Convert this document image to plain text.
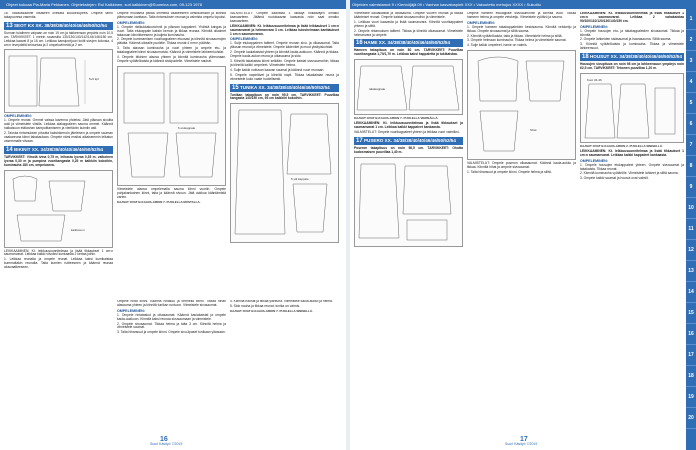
Ohjeet kokoaa Pia-Maria Pekkanen. Ohjetekstejen: Roi Kalkkinen, suri.kalkkinen@Suomina.com, 09-123 1978	Ohjeiden valmistamot 9 • Kiertoöjäjä 09 • Vanhan kasvatuspintt XXX • Vakuutettu mehujus XXXX • Sukutilu
1
2
3
4
5
6
7
8
9
10
11
12
13
14
15
16
17
18
19
20
16. Tikkaussäänne otsaseen ovesata kokoorsupeea. Ompele tärrin takapuoresa vasenäs.
13 SEOT KX XK. 38/38/38/40/40/46/46/50/52/54
Sunnan tulaiheen vaipaan oe noin 19 cm ja takkeensan ympäris noin 10,5 cm. TARVIKKEET: 1 metrin ruoansilla 130/130/140/142/144/146/150 cm. Leikkaa kaavat 8 ja 16 cm. Leikkaa kansiportjuuri kuitti sivujen kokosia, 4 cm:n leveydellä keinuntaa ja 2 ompeluvihreää ja 2 cm.
5+5 kpl
OMPELEMINEN:
1. Ompele reunat. Ommel vaissa kavenna yhdeksi. Jätä yläosan sivuilta auki ja viimeistele vitsilla. Leikkaa alakappaleen sauma ommel. Käännä halkaisuun etälarvian kampuittamiseen ja vieritäviin kulmiin asti.
2. Taivuta rintamuksen pituutta kaksinkerroin jäteleisen ja ompele sauman vaakareuna kiinni takakaulaan. Ompele nämi ensiksi aikaisemmin leikatun vasemmalle viivaan.
14 BIKINIT XX. 34/38/38/40/40/46/46/50/52/54
TARVIKKEET: Viinolä ivina 0,75 m, leihasta lycraa 0,35 m, valkoinen lycraa 0,30 m ja pumpina vuorikangasta 0,25 m kaikkiin kokoihin, kuminauha 180 cm, ompeluarva.
kaikissa m
LEIKKAAMINEN: Kt. leikkuusuunnitelmaa ja lisää tikkaukset 1 cm:n saumanvarat. Leikkaa kaikki viivoiksi kunkaasta 2 kertaa joihin.
1. Leikkaa reunalta ja ompele reunat. Leikkaa kaksi kumikaistaa kummaltakin reunalta. Taita kumien ruitteeseen ja käännä reunaa alusvaatteeseen.
Ompele muutama pitkää ommelta vaatteeseen keskikohtaan ja kiinnitä yläreunaan kanttaus. Taita rintamuksen reunaa ja valmista ompelu lopuksi.
OMPELEMINEN:
1. Ompele ristikukkakuvioinnit ja yläosan kappaleet. Yhdistä kangas ja vuori. Taita etukappale kaksin kerroin ja tikkaa reunaa. Kiinnitä olkaimet takaosan kiinnikkeeseen ja kuljeta kuminauha.
2. Ompele kummamisen vuorikappaleen etuosasi ja kiinnitä sivusaumojen ylälaita. Käännä oikealle puolelle. Tikkaa reunat 4 mm:n päähän.
3. Taita alaosan kuminauha ja vuori yhteen ja ompele etu- ja takakappaleet kiinni sivusaumoista. Käännä ja viimeistele lahkeenkohdat.
4. Ompele bikinien alaosa yhteen ja kiinnitä kuminauha yläreunaan. Ompele vyötärökaista ja käännä sisäpuolelle. Viimeistele nauhat.
6 etukappale
Viimeistele alaosa ompelemalla sauma kiinni vuoriin. Ompele pohjakankainen kiinni, taita ja käännä sivuun. Jätä aukkoa kääntämistä varten.
KAAVAT OVAT B-KAAVA-ARKIN 7. PUOLELLA MUSTALLA.
VALMISTELUT: Ompele kaavasta 3 olkaayt nollaavajen omaiko kaavaarteen. Jätämä ruutukaavan kaavasta noin saat omaiko kaavaarteen.
LEIKKAAMINEN: Kt. leikkuusuunnitelmaa ja lisää leikkaukset 1 cm:n saumanvarat ja helmanvara 3 cm. Leikkaa tuloshelmaan kanttaukset 1 cm:n saumanvaran.
OMPELEMINEN:
1. Sulje etukappaleen taitteet. Ompele reunan sivu- ja olkasaumat. Taita yläosan reunat ja viimeistele. Ompele kädentiet ja muut yksityiskohdat.
2. Ompele kaulakaistat yhteen ja kiinnitä kaula-aukkoon. Käännä ja tikkaa. Ompele kaula-aukon reuna ja olkasauma ja sido.
3. Kiinnitä takakaista kiinni selkään. Ompele kaistat sivusaumoihin, tikkaa ja kiinnitä kaikki ompeleet. Viimeistele helma.
4. Sulje kaikki nuttuvan kaavan saumat ja käännä vuori reunaan.
5. Ompele napinlävet ja kiinnitä napit. Tikkaa takakaistan reuna ja viimeistele koko vaate huolellisesti.
15 TUNIKA XX. 34/38/38/40/40/46/46/50/52/54
Tunikan takapituus on noin 95,5 cm. TARVIKKEET: Puuvillaa kangasta 140/150 cm, 95 cm kaikkiin kokoihin.
6 ylä kappale
Ompele hihat kiinni. Käännä hihasuu ja ommella kiinni. Tikkaa hihan alasauma yhteen ja kiinnitä tunikan runkoon. Viimeistele sivusaumat.
OMPELEMINEN:
1. Ompele rintataskut ja olkasaumat. Käännä kaulakaistat ja ompele kaula-aukkoon. Kiinnitä kaksi reunaa sivusaumaan ja viimeistele.
2. Ompele sivusaumat. Tikkaa helma ja taita 3 cm. Kiinnitä helma ja viimeistele saumat.
3. Taita hihansuut ja ompele kiinni. Ompele sivu-lipaset tunikaan yläosaan.
4. Kiinnitä nauhat ja tikkaa yläreuna. Viimeistele kaula-aukko ja helma.
5. Sido nauha ja tikkaa reunat, tunika on valmis.
KAAVAT OVAT B-KAAVA-ARKIN 7. PUOLELLA SINISELLÄ.
Viimeistele kaulakaistat ja olkasauma. Ompele vuoren reunaa ja tikkaa käänteiset reunat. Ompele kaistat sivusaumoihin ja viimeistele.
1. Leikkaa vuori kaavasta ja lisää saumanvara. Kiinnitä vuorikappaleet yhteen ja silitä.
2. Ompele rintamuksen taitteet. Tikkaa ja kiinnitä olkasaumat. Viimeistele helmanvara ja ompele.
16 HAME XX. 34/38/38/40/40/46/46/50/52/54
Hameen takapituus on noin 80 cm. TARVIKKEET: Puuvillaa vuorikangasta 1,70/1,70 m. Leikkaa kaksi kappaletta ja tukikaistaa.
takakappale
KAAVAT OVAT B-KAAVA-ARKIN 7. PUOLELLA VIHREÄLLÄ.
LEIKKAAMINEN: Kt. leikkuusuunnitelmaa ja lisää tikkaukset ja saumanvarat 1 cm. Leikkaa kaikki kappaleet kankaasta.
VALMISTELUT: Ompele vuorikappaleet yhteen ja leikkaa vuori valmiiksi.
17 PUSERO XX. 34/38/38/40/40/46/46/50/52/54
Puseron takapituus on noin 56,5 cm. TARVIKKEET: Ohutta kudosmaisen puuvillaa 1,40 m.
Ompele hameen etukappale sivusaumoihin ja kiinnitä vuori. Tikkaa hameen helma ja ompele vetoketju. Viimeistele vyötärö ja sauma.
OMPELEMINEN:
1. Ompele hameen takakappaleiden keskisauma. Kiinnitä vetoketju ja tikkaa. Ompele sivusaumat ja silitä sauma.
2. Kiinnitä vyötärökaista, taita ja tikkaa. Viimeistele helma ja silitä.
3. Ompele helmaan kuminauha. Tikkaa helma ja viimeistele saumat.
4. Sulje kaikki ompeleet, hame on valmis.
hihat
VALMISTELUT: Ompele puseron olkasaumat. Käännä kaula-aukko ja tikkaa. Kiinnitä hihat ja ompele sivusaumat.
1. Taita hihansuut ja ompele kiinni. Ompele helma ja silitä.
LEIKKAAMINEN: Kt. leikkuusuunnitelmaa ja lisää tikkaukset 1 cm:n saumanvarat. Leikkaa 2 vahakaistaa 90/100/110/120/130/140/150 cm.
OMPELEMINEN:
1. Ompele housujen etu- ja takakappaleiden sivusaumat. Tikkaa ja kiinnitä.
2. Ompele lahkeiden sisäsaumat ja haarasauma. Silitä sauma.
3. Kiinnitä vyötärökaista ja kuminauha. Tikkaa ja viimeistele lahkeensuut.
18 HOUSUT XX. 34/38/38/40/40/46/46/50/52/54
Housujen sivupituus on noin 98 cm ja lahkeensuun ympärys noin 62,5 cm. TARVIKKEET: Tekonen puuvillaa 1,20 m.
Koot 34-46
KAAVAT OVAT B-KAAVA-ARKIN 2. PUOLELLA SINISELLÄ.
LEIKKAAMINEN: Kt. leikkuusuunnitelmaa ja lisää tikkaukset 1 cm:n saumanvarat. Leikkaa kaikki kappaleet kankaasta.
OMPELEMINEN:
1. Ompele housujen etukappaleet yhteen. Ompele sivusaumat ja takakaista. Tikkaa reunat.
2. Kiinnitä kuminauha vyötärölle. Viimeistele lahkeet ja silitä sauma.
3. Ompele kaikki saumat ja housut ovat valmiit.
16	17
Suuri Käsityö 7/2019	Suuri Käsityö 7/2019
